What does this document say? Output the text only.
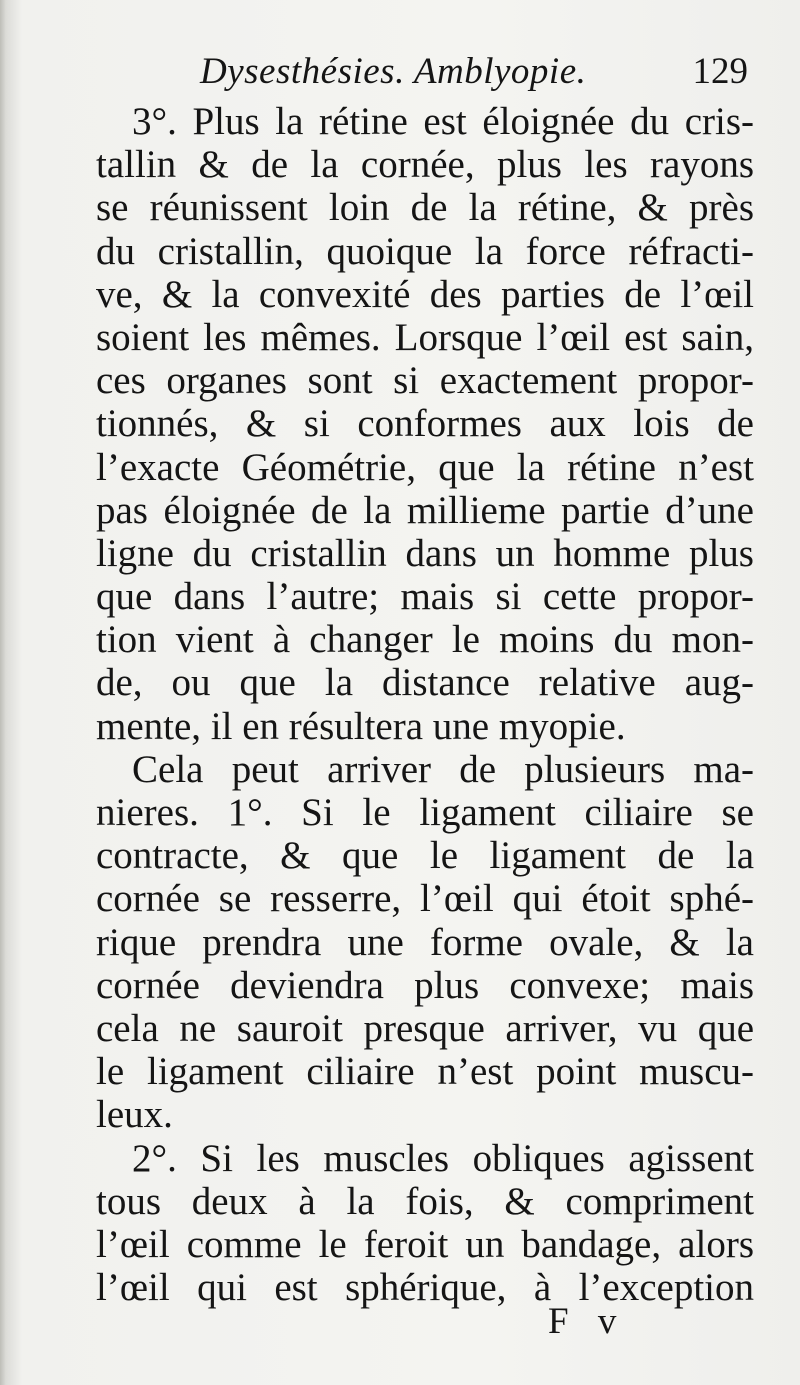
Dysesthésies. Amblyopie.	129
3°. Plus la rétine est éloignée du cris-
tallin & de la cornée, plus les rayons
se réunissent loin de la rétine, & près
du cristallin, quoique la force réfracti-
ve, & la convexité des parties de l’œil
soient les mêmes. Lorsque l’œil est sain,
ces organes sont si exactement propor-
tionnés, & si conformes aux lois de
l’exacte Géométrie, que la rétine n’est
pas éloignée de la millieme partie d’une
ligne du cristallin dans un homme plus
que dans l’autre; mais si cette propor-
tion vient à changer le moins du mon-
de, ou que la distance relative aug-
mente, il en résultera une myopie.
Cela peut arriver de plusieurs ma-
nieres. 1°. Si le ligament ciliaire se
contracte, & que le ligament de la
cornée se resserre, l’œil qui étoit sphé-
rique prendra une forme ovale, & la
cornée deviendra plus convexe; mais
cela ne sauroit presque arriver, vu que
le ligament ciliaire n’est point muscu-
leux.
2°. Si les muscles obliques agissent
tous deux à la fois, & compriment
l’œil comme le feroit un bandage, alors
l’œil qui est sphérique, à l’exception
F v
